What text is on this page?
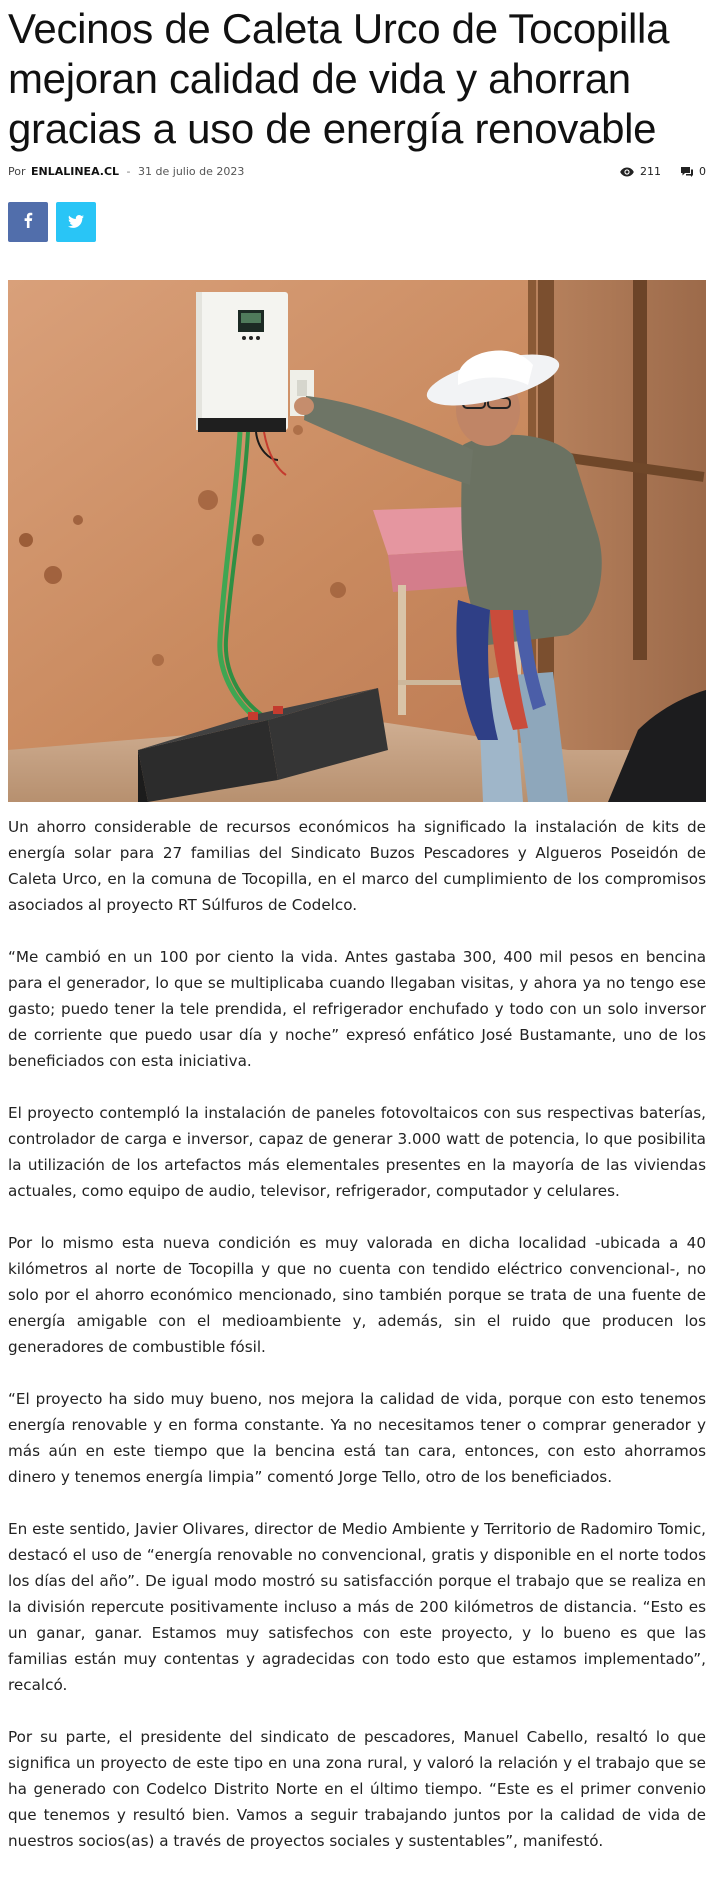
Vecinos de Caleta Urco de Tocopilla mejoran calidad de vida y ahorran gracias a uso de energía renovable
Por ENLALINEA.CL - 31 de julio de 2023	211	0

Un ahorro considerable de recursos económicos ha significado la instalación de kits de energía solar para 27 familias del Sindicato Buzos Pescadores y Algueros Poseidón de Caleta Urco, en la comuna de Tocopilla, en el marco del cumplimiento de los compromisos asociados al proyecto RT Súlfuros de Codelco.

“Me cambió en un 100 por ciento la vida. Antes gastaba 300, 400 mil pesos en bencina para el generador, lo que se multiplicaba cuando llegaban visitas, y ahora ya no tengo ese gasto; puedo tener la tele prendida, el refrigerador enchufado y todo con un solo inversor de corriente que puedo usar día y noche” expresó enfático José Bustamante, uno de los beneficiados con esta iniciativa.

El proyecto contempló la instalación de paneles fotovoltaicos con sus respectivas baterías, controlador de carga e inversor, capaz de generar 3.000 watt de potencia, lo que posibilita la utilización de los artefactos más elementales presentes en la mayoría de las viviendas actuales, como equipo de audio, televisor, refrigerador, computador y celulares.

Por lo mismo esta nueva condición es muy valorada en dicha localidad -ubicada a 40 kilómetros al norte de Tocopilla y que no cuenta con tendido eléctrico convencional-, no solo por el ahorro económico mencionado, sino también porque se trata de una fuente de energía amigable con el medioambiente y, además, sin el ruido que producen los generadores de combustible fósil.

“El proyecto ha sido muy bueno, nos mejora la calidad de vida, porque con esto tenemos energía renovable y en forma constante. Ya no necesitamos tener o comprar generador y más aún en este tiempo que la bencina está tan cara, entonces, con esto ahorramos dinero y tenemos energía limpia” comentó Jorge Tello, otro de los beneficiados.

En este sentido, Javier Olivares, director de Medio Ambiente y Territorio de Radomiro Tomic, destacó el uso de “energía renovable no convencional, gratis y disponible en el norte todos los días del año”. De igual modo mostró su satisfacción porque el trabajo que se realiza en la división repercute positivamente incluso a más de 200 kilómetros de distancia. “Esto es un ganar, ganar. Estamos muy satisfechos con este proyecto, y lo bueno es que las familias están muy contentas y agradecidas con todo esto que estamos implementado”, recalcó.

Por su parte, el presidente del sindicato de pescadores, Manuel Cabello, resaltó lo que significa un proyecto de este tipo en una zona rural, y valoró la relación y el trabajo que se ha generado con Codelco Distrito Norte en el último tiempo. “Este es el primer convenio que tenemos y resultó bien. Vamos a seguir trabajando juntos por la calidad de vida de nuestros socios(as) a través de proyectos sociales y sustentables”, manifestó.
